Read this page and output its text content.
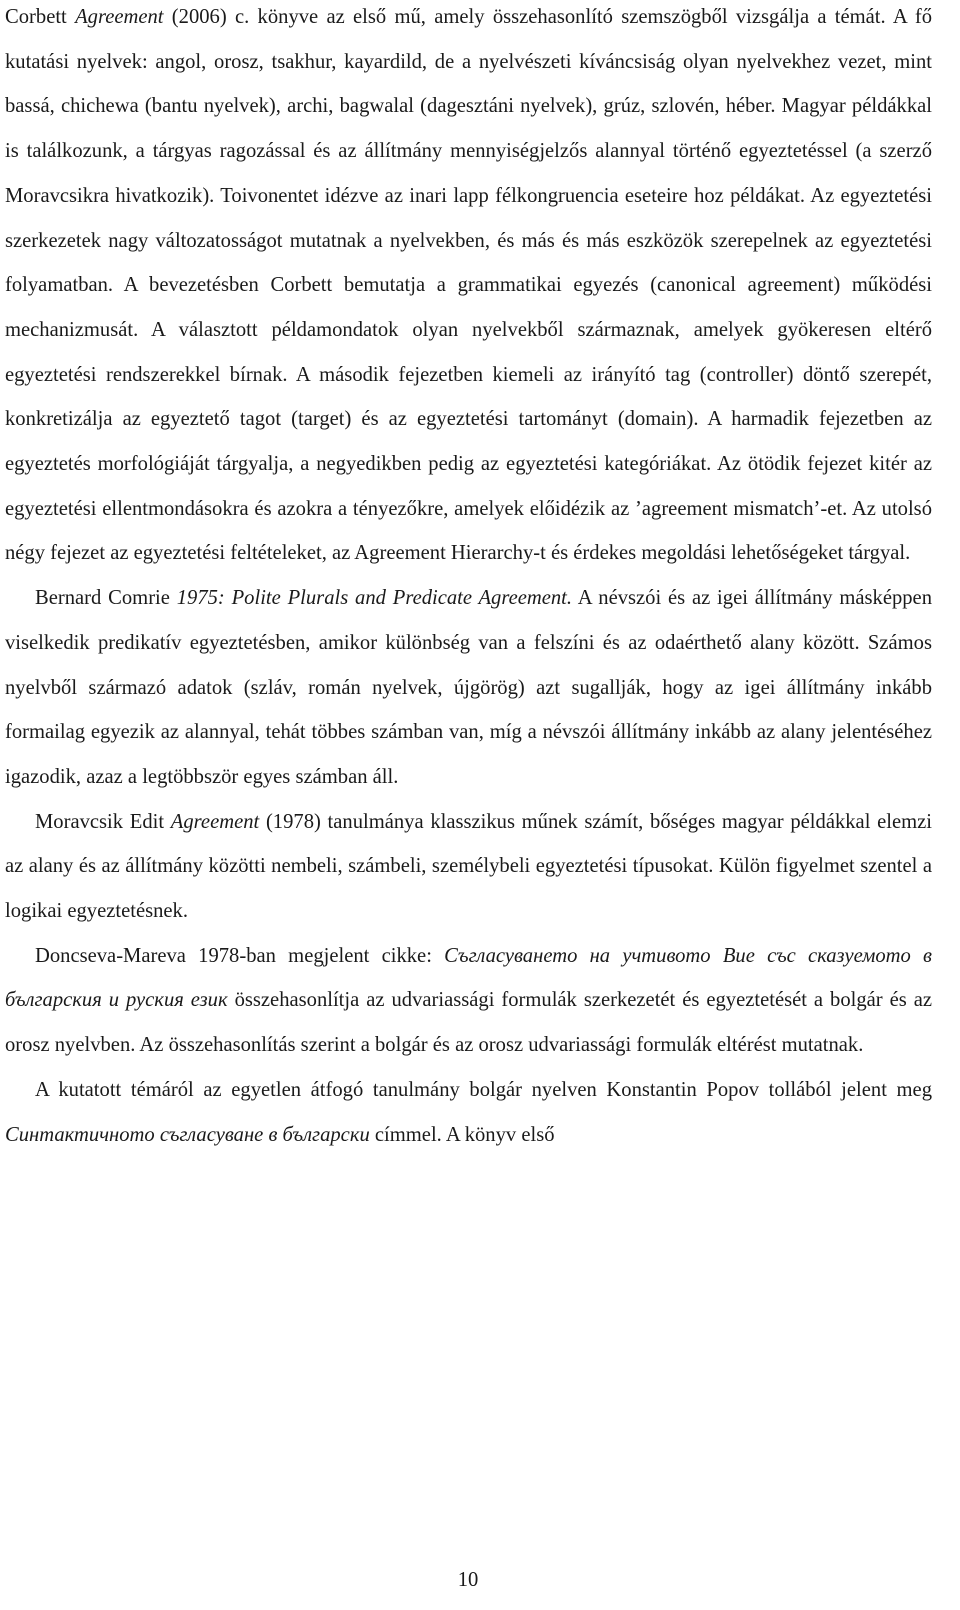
Corbett Agreement (2006) c. könyve az első mű, amely összehasonlító szemszögből vizsgálja a témát. A fő kutatási nyelvek: angol, orosz, tsakhur, kayardild, de a nyelvészeti kíváncsiság olyan nyelvekhez vezet, mint bassá, chichewa (bantu nyelvek), archi, bagwalal (dagesztáni nyelvek), grúz, szlovén, héber. Magyar példákkal is találkozunk, a tárgyas ragozással és az állítmány mennyiségjelzős alannyal történő egyeztetéssel (a szerző Moravcsikra hivatkozik). Toivonentet idézve az inari lapp félkongruencia eseteire hoz példákat. Az egyeztetési szerkezetek nagy változatosságot mutatnak a nyelvekben, és más és más eszközök szerepelnek az egyeztetési folyamatban. A bevezetésben Corbett bemutatja a grammatikai egyezés (canonical agreement) működési mechanizmusát. A választott példamondatok olyan nyelvekből származnak, amelyek gyökeresen eltérő egyeztetési rendszerekkel bírnak. A második fejezetben kiemeli az irányító tag (controller) döntő szerepét, konkretizálja az egyeztető tagot (target) és az egyeztetési tartományt (domain). A harmadik fejezetben az egyeztetés morfológiáját tárgyalja, a negyedikben pedig az egyeztetési kategóriákat. Az ötödik fejezet kitér az egyeztetési ellentmondásokra és azokra a tényezőkre, amelyek előidézik az ’agreement mismatch’-et. Az utolsó négy fejezet az egyeztetési feltételeket, az Agreement Hierarchy-t és érdekes megoldási lehetőségeket tárgyal.

Bernard Comrie 1975: Polite Plurals and Predicate Agreement. A névszói és az igei állítmány másképpen viselkedik predikatív egyeztetésben, amikor különbség van a felszíni és az odaérthető alany között. Számos nyelvből származó adatok (szláv, román nyelvek, újgörög) azt sugallják, hogy az igei állítmány inkább formailag egyezik az alannyal, tehát többes számban van, míg a névszói állítmány inkább az alany jelentéséhez igazodik, azaz a legtöbbször egyes számban áll.

Moravcsik Edit Agreement (1978) tanulmánya klasszikus műnek számít, bőséges magyar példákkal elemzi az alany és az állítmány közötti nembeli, számbeli, személybeli egyeztetési típusokat. Külön figyelmet szentel a logikai egyeztetésnek.

Doncseva-Mareva 1978-ban megjelent cikke: Съгласуването на учтивото Вие със сказуемото в българския и руския език összehasonlítja az udvariassági formulák szerkezetét és egyeztetését a bolgár és az orosz nyelvben. Az összehasonlítás szerint a bolgár és az orosz udvariassági formulák eltérést mutatnak.

A kutatott témáról az egyetlen átfogó tanulmány bolgár nyelven Konstantin Popov tollából jelent meg Синтактичното съгласуване в български címmel. A könyv első

10
